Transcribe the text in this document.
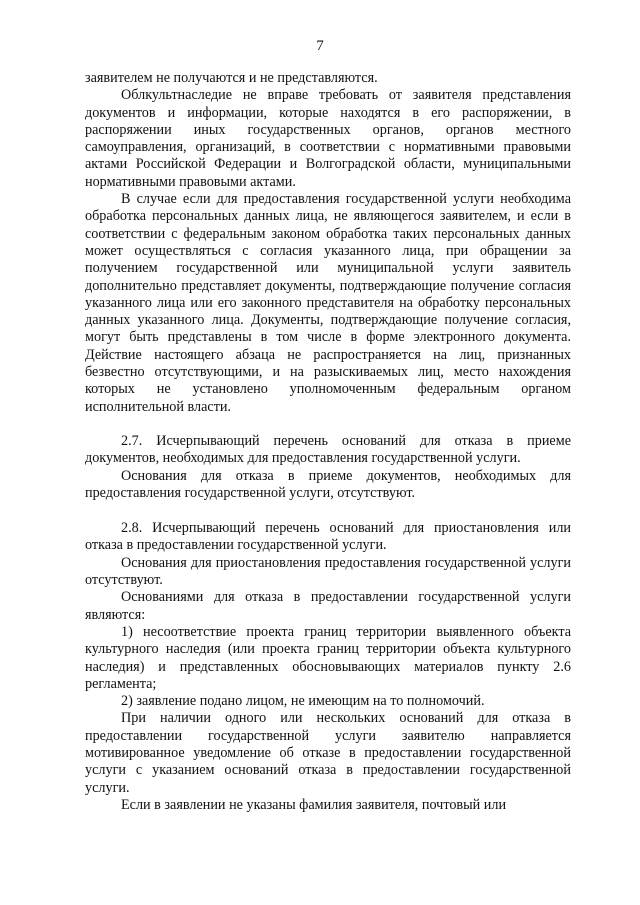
7

заявителем не получаются и не представляются.

Облкультнаследие не вправе требовать от заявителя представления документов и информации, которые находятся в его распоряжении, в распоряжении иных государственных органов, органов местного самоуправления, организаций, в соответствии с нормативными правовыми актами Российской Федерации и Волгоградской области, муниципальными нормативными правовыми актами.

В случае если для предоставления государственной услуги необходима обработка персональных данных лица, не являющегося заявителем, и если в соответствии с федеральным законом обработка таких персональных данных может осуществляться с согласия указанного лица, при обращении за получением государственной или муниципальной услуги заявитель дополнительно представляет документы, подтверждающие получение согласия указанного лица или его законного представителя на обработку персональных данных указанного лица. Документы, подтверждающие получение согласия, могут быть представлены в том числе в форме электронного документа. Действие настоящего абзаца не распространяется на лиц, признанных безвестно отсутствующими, и на разыскиваемых лиц, место нахождения которых не установлено уполномоченным федеральным органом исполнительной власти.

2.7. Исчерпывающий перечень оснований для отказа в приеме документов, необходимых для предоставления государственной услуги.

Основания для отказа в приеме документов, необходимых для предоставления государственной услуги, отсутствуют.

2.8. Исчерпывающий перечень оснований для приостановления или отказа в предоставлении государственной услуги.

Основания для приостановления предоставления государственной услуги отсутствуют.

Основаниями для отказа в предоставлении государственной услуги являются:

1) несоответствие проекта границ территории выявленного объекта культурного наследия (или проекта границ территории объекта культурного наследия) и представленных обосновывающих материалов пункту 2.6 регламента;

2) заявление подано лицом, не имеющим на то полномочий.

При наличии одного или нескольких оснований для отказа в предоставлении государственной услуги заявителю направляется мотивированное уведомление об отказе в предоставлении государственной услуги с указанием оснований отказа в предоставлении государственной услуги.

Если в заявлении не указаны фамилия заявителя, почтовый или
